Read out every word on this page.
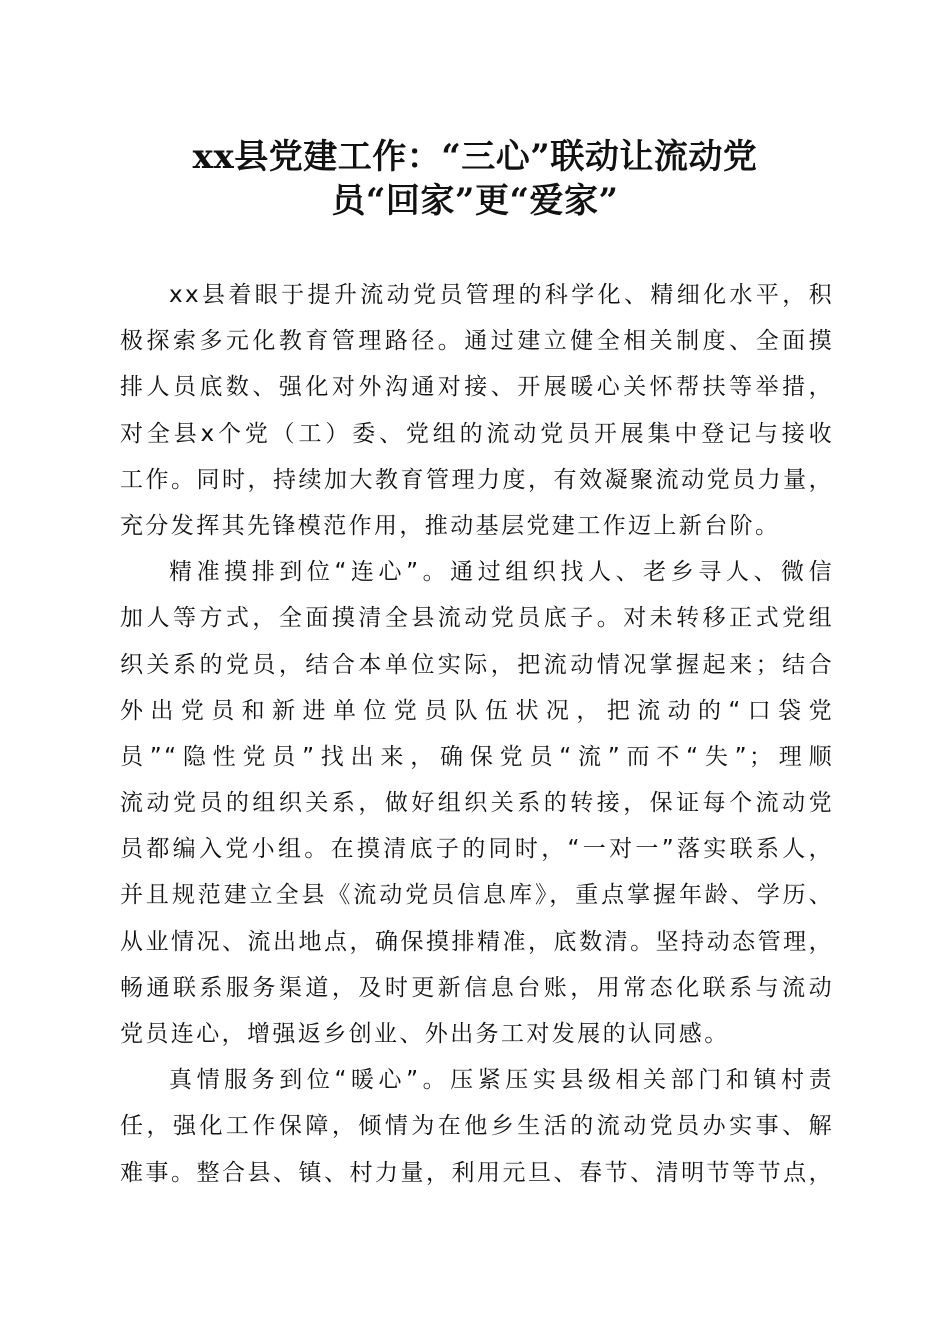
xx县党建工作：“三心”联动让流动党
员“回家”更“爱家”
xx县着眼于提升流动党员管理的科学化、精细化水平，积
极探索多元化教育管理路径。通过建立健全相关制度、全面摸
排人员底数、强化对外沟通对接、开展暖心关怀帮扶等举措，
对全县x个党（工）委、党组的流动党员开展集中登记与接收
工作。同时，持续加大教育管理力度，有效凝聚流动党员力量，
充分发挥其先锋模范作用，推动基层党建工作迈上新台阶。
精准摸排到位“连心”。通过组织找人、老乡寻人、微信
加人等方式，全面摸清全县流动党员底子。对未转移正式党组
织关系的党员，结合本单位实际，把流动情况掌握起来；结合
外出党员和新进单位党员队伍状况，把流动的“口袋党
员”“隐性党员”找出来，确保党员“流”而不“失”；理顺
流动党员的组织关系，做好组织关系的转接，保证每个流动党
员都编入党小组。在摸清底子的同时，“一对一”落实联系人，
并且规范建立全县《流动党员信息库》，重点掌握年龄、学历、
从业情况、流出地点，确保摸排精准，底数清。坚持动态管理，
畅通联系服务渠道，及时更新信息台账，用常态化联系与流动
党员连心，增强返乡创业、外出务工对发展的认同感。
真情服务到位“暖心”。压紧压实县级相关部门和镇村责
任，强化工作保障，倾情为在他乡生活的流动党员办实事、解
难事。整合县、镇、村力量，利用元旦、春节、清明节等节点，
